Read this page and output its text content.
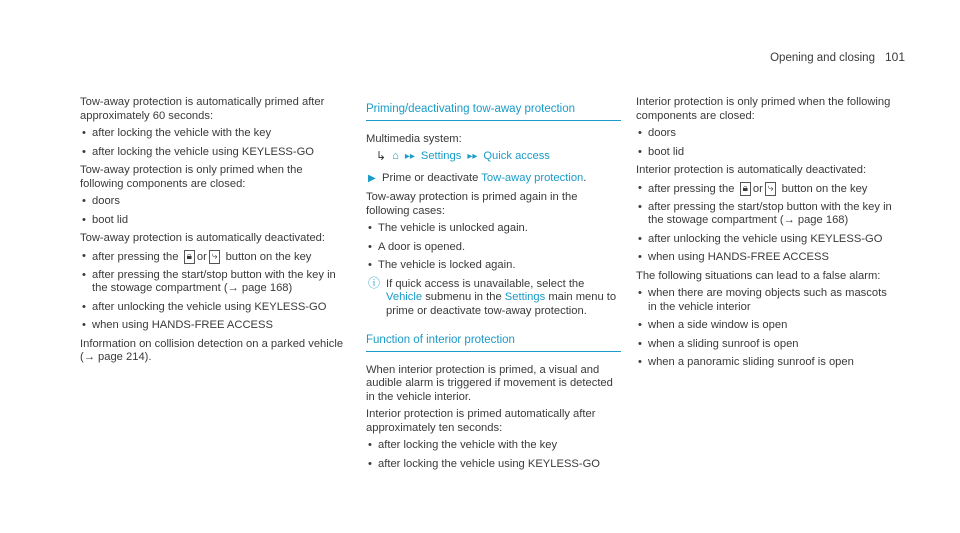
Opening and closing 101

Tow-away protection is automatically primed after approximately 60 seconds:

• after locking the vehicle with the key
• after locking the vehicle using KEYLESS-GO

Tow-away protection is only primed when the following components are closed:

• doors
• boot lid

Tow-away protection is automatically deactivated:

• after pressing the 🔒︎ or ⤷ button on the key
• after pressing the start/stop button with the key in the stowage compartment (→ page 168)
• after unlocking the vehicle using KEYLESS-GO
• when using HANDS-FREE ACCESS

Information on collision detection on a parked vehicle (→ page 214).

Priming/deactivating tow-away protection

Multimedia system:

↳ ⌂ ▸▸ Settings ▸▸ Quick access
▶ Prime or deactivate Tow-away protection.

Tow-away protection is primed again in the following cases:

• The vehicle is unlocked again.
• A door is opened.
• The vehicle is locked again.
ⓘ If quick access is unavailable, select the Vehicle submenu in the Settings main menu to prime or deactivate tow-away protection.
Function of interior protection

When interior protection is primed, a visual and audible alarm is triggered if movement is detected in the vehicle interior.

Interior protection is primed automatically after approximately ten seconds:

• after locking the vehicle with the key
• after locking the vehicle using KEYLESS-GO

Interior protection is only primed when the following components are closed:

• doors
• boot lid

Interior protection is automatically deactivated:

• after pressing the 🔒︎ or ⤷ button on the key
• after pressing the start/stop button with the key in the stowage compartment (→ page 168)
• after unlocking the vehicle using KEYLESS-GO
• when using HANDS-FREE ACCESS

The following situations can lead to a false alarm:

• when there are moving objects such as mascots in the vehicle interior
• when a side window is open
• when a sliding sunroof is open
• when a panoramic sliding sunroof is open
